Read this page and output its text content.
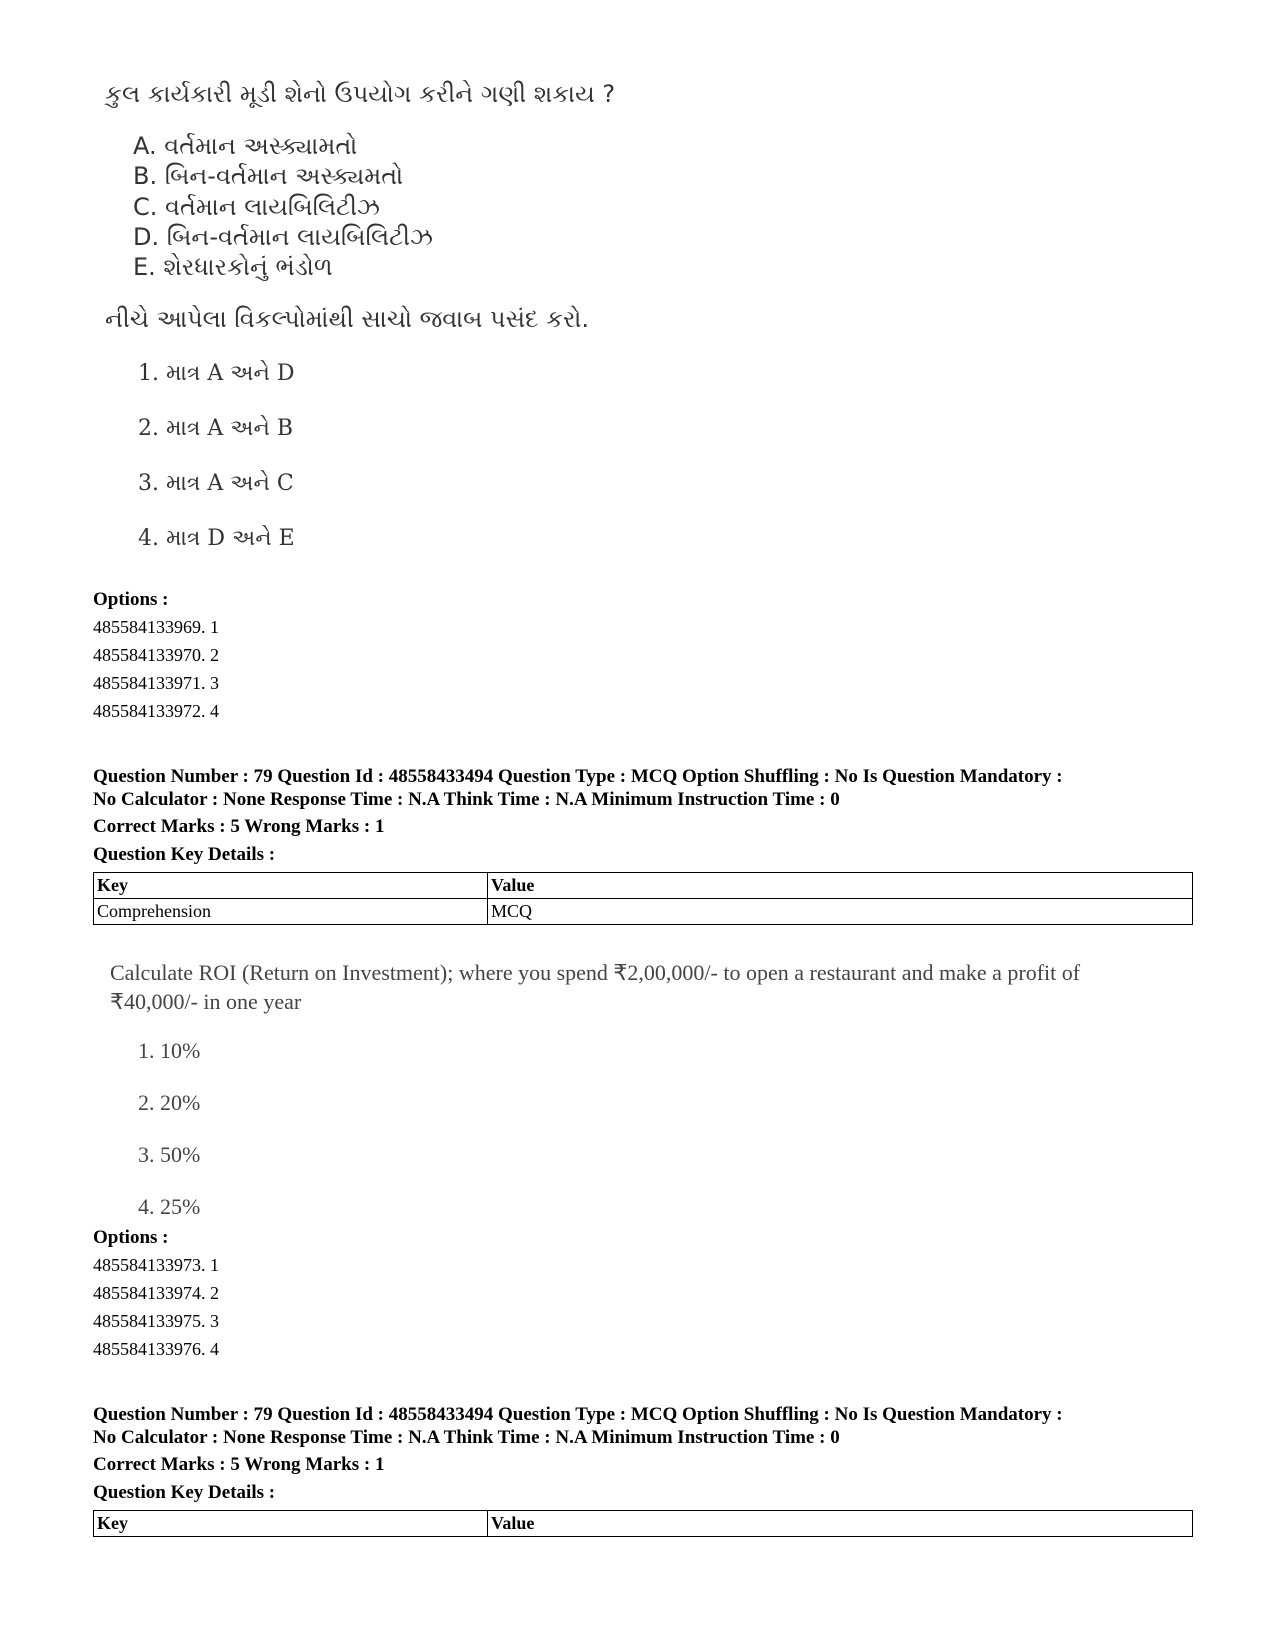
કુલ કાર્યકારી મૂડી શેનો ઉપયોગ કરીને ગણી શકાય ?
A. વર્તમાન અસ્ક્યામતો
B. બિન-વર્તમાન અસ્ક્યમતો
C. વર્તમાન લાયબિલિટીઝ
D. બિન-વર્તમાન લાયબિલિટીઝ
E. શેરધારકોનું ભંડોળ
નીચે આપેલા વિકલ્પોમાંથી સાચો જવાબ પસંદ કરો.
1. માત્ર A અને D
2. માત્ર A અને B
3. માત્ર A અને C
4. માત્ર D અને E
Options :
485584133969. 1
485584133970. 2
485584133971. 3
485584133972. 4
Question Number : 79 Question Id : 48558433494 Question Type : MCQ Option Shuffling : No Is Question Mandatory :
No Calculator : None Response Time : N.A Think Time : N.A Minimum Instruction Time : 0
Correct Marks : 5 Wrong Marks : 1
Question Key Details :
Key	Value
Comprehension	MCQ
Calculate ROI (Return on Investment); where you spend ₹2,00,000/- to open a restaurant and make a profit of ₹40,000/- in one year
1. 10%
2. 20%
3. 50%
4. 25%
Options :
485584133973. 1
485584133974. 2
485584133975. 3
485584133976. 4
Question Number : 79 Question Id : 48558433494 Question Type : MCQ Option Shuffling : No Is Question Mandatory :
No Calculator : None Response Time : N.A Think Time : N.A Minimum Instruction Time : 0
Correct Marks : 5 Wrong Marks : 1
Question Key Details :
Key	Value
